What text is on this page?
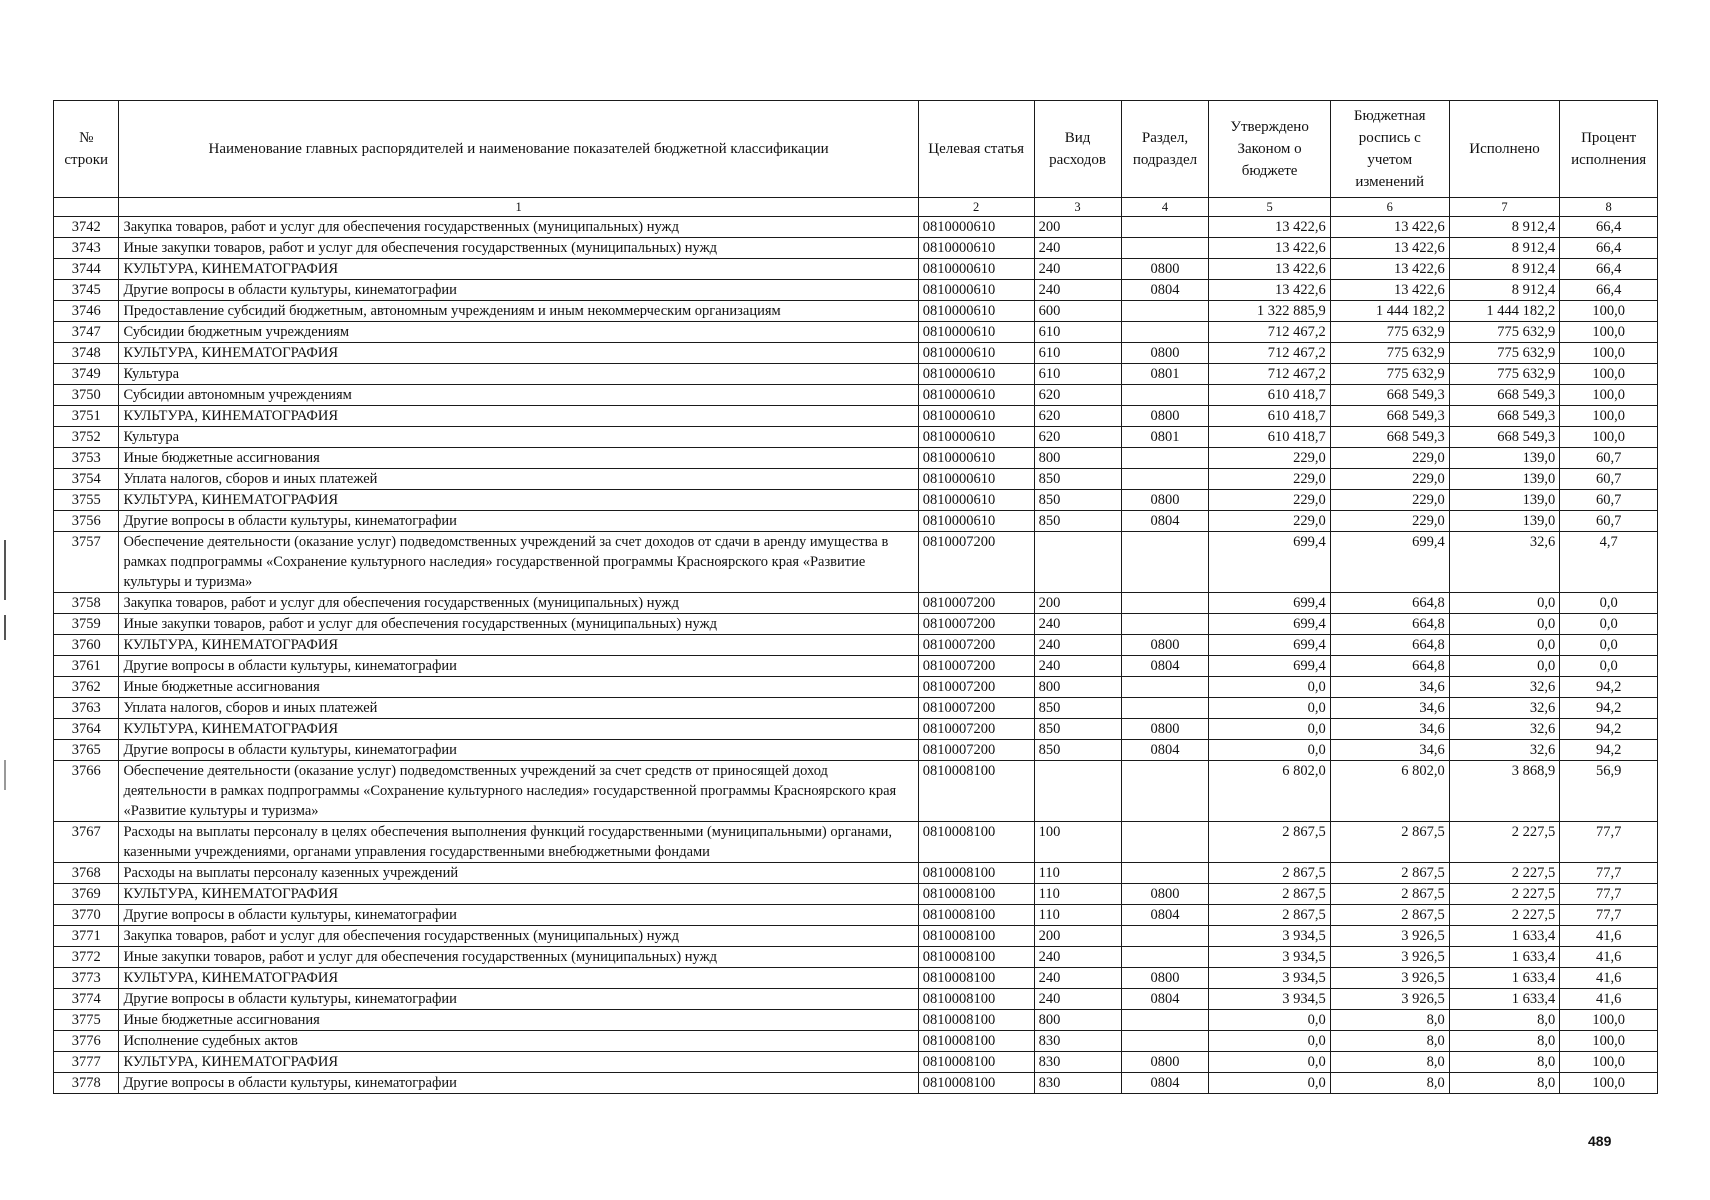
№ строки	Наименование главных распорядителей и наименование показателей бюджетной классификации	Целевая статья	Вид расходов	Раздел, подраздел	Утверждено Законом о бюджете	Бюджетная роспись с учетом изменений	Исполнено	Процент исполнения
	1	2	3	4	5	6	7	8
3742	Закупка товаров, работ и услуг для обеспечения государственных (муниципальных) нужд	0810000610	200		13 422,6	13 422,6	8 912,4	66,4
3743	Иные закупки товаров, работ и услуг для обеспечения государственных (муниципальных) нужд	0810000610	240		13 422,6	13 422,6	8 912,4	66,4
3744	КУЛЬТУРА, КИНЕМАТОГРАФИЯ	0810000610	240	0800	13 422,6	13 422,6	8 912,4	66,4
3745	Другие вопросы в области культуры, кинематографии	0810000610	240	0804	13 422,6	13 422,6	8 912,4	66,4
3746	Предоставление субсидий бюджетным, автономным учреждениям и иным некоммерческим организациям	0810000610	600		1 322 885,9	1 444 182,2	1 444 182,2	100,0
3747	Субсидии бюджетным учреждениям	0810000610	610		712 467,2	775 632,9	775 632,9	100,0
3748	КУЛЬТУРА, КИНЕМАТОГРАФИЯ	0810000610	610	0800	712 467,2	775 632,9	775 632,9	100,0
3749	Культура	0810000610	610	0801	712 467,2	775 632,9	775 632,9	100,0
3750	Субсидии автономным учреждениям	0810000610	620		610 418,7	668 549,3	668 549,3	100,0
3751	КУЛЬТУРА, КИНЕМАТОГРАФИЯ	0810000610	620	0800	610 418,7	668 549,3	668 549,3	100,0
3752	Культура	0810000610	620	0801	610 418,7	668 549,3	668 549,3	100,0
3753	Иные бюджетные ассигнования	0810000610	800		229,0	229,0	139,0	60,7
3754	Уплата налогов, сборов и иных платежей	0810000610	850		229,0	229,0	139,0	60,7
3755	КУЛЬТУРА, КИНЕМАТОГРАФИЯ	0810000610	850	0800	229,0	229,0	139,0	60,7
3756	Другие вопросы в области культуры, кинематографии	0810000610	850	0804	229,0	229,0	139,0	60,7
3757	Обеспечение деятельности (оказание услуг) подведомственных учреждений за счет доходов от сдачи в аренду имущества в рамках подпрограммы «Сохранение культурного наследия» государственной программы Красноярского края «Развитие культуры и туризма»	0810007200			699,4	699,4	32,6	4,7
3758	Закупка товаров, работ и услуг для обеспечения государственных (муниципальных) нужд	0810007200	200		699,4	664,8	0,0	0,0
3759	Иные закупки товаров, работ и услуг для обеспечения государственных (муниципальных) нужд	0810007200	240		699,4	664,8	0,0	0,0
3760	КУЛЬТУРА, КИНЕМАТОГРАФИЯ	0810007200	240	0800	699,4	664,8	0,0	0,0
3761	Другие вопросы в области культуры, кинематографии	0810007200	240	0804	699,4	664,8	0,0	0,0
3762	Иные бюджетные ассигнования	0810007200	800		0,0	34,6	32,6	94,2
3763	Уплата налогов, сборов и иных платежей	0810007200	850		0,0	34,6	32,6	94,2
3764	КУЛЬТУРА, КИНЕМАТОГРАФИЯ	0810007200	850	0800	0,0	34,6	32,6	94,2
3765	Другие вопросы в области культуры, кинематографии	0810007200	850	0804	0,0	34,6	32,6	94,2
3766	Обеспечение деятельности (оказание услуг) подведомственных учреждений за счет средств от приносящей доход деятельности в рамках подпрограммы «Сохранение культурного наследия» государственной программы Красноярского края «Развитие культуры и туризма»	0810008100			6 802,0	6 802,0	3 868,9	56,9
3767	Расходы на выплаты персоналу в целях обеспечения выполнения функций государственными (муниципальными) органами, казенными учреждениями, органами управления государственными внебюджетными фондами	0810008100	100		2 867,5	2 867,5	2 227,5	77,7
3768	Расходы на выплаты персоналу казенных учреждений	0810008100	110		2 867,5	2 867,5	2 227,5	77,7
3769	КУЛЬТУРА, КИНЕМАТОГРАФИЯ	0810008100	110	0800	2 867,5	2 867,5	2 227,5	77,7
3770	Другие вопросы в области культуры, кинематографии	0810008100	110	0804	2 867,5	2 867,5	2 227,5	77,7
3771	Закупка товаров, работ и услуг для обеспечения государственных (муниципальных) нужд	0810008100	200		3 934,5	3 926,5	1 633,4	41,6
3772	Иные закупки товаров, работ и услуг для обеспечения государственных (муниципальных) нужд	0810008100	240		3 934,5	3 926,5	1 633,4	41,6
3773	КУЛЬТУРА, КИНЕМАТОГРАФИЯ	0810008100	240	0800	3 934,5	3 926,5	1 633,4	41,6
3774	Другие вопросы в области культуры, кинематографии	0810008100	240	0804	3 934,5	3 926,5	1 633,4	41,6
3775	Иные бюджетные ассигнования	0810008100	800		0,0	8,0	8,0	100,0
3776	Исполнение судебных актов	0810008100	830		0,0	8,0	8,0	100,0
3777	КУЛЬТУРА, КИНЕМАТОГРАФИЯ	0810008100	830	0800	0,0	8,0	8,0	100,0
3778	Другие вопросы в области культуры, кинематографии	0810008100	830	0804	0,0	8,0	8,0	100,0
489
